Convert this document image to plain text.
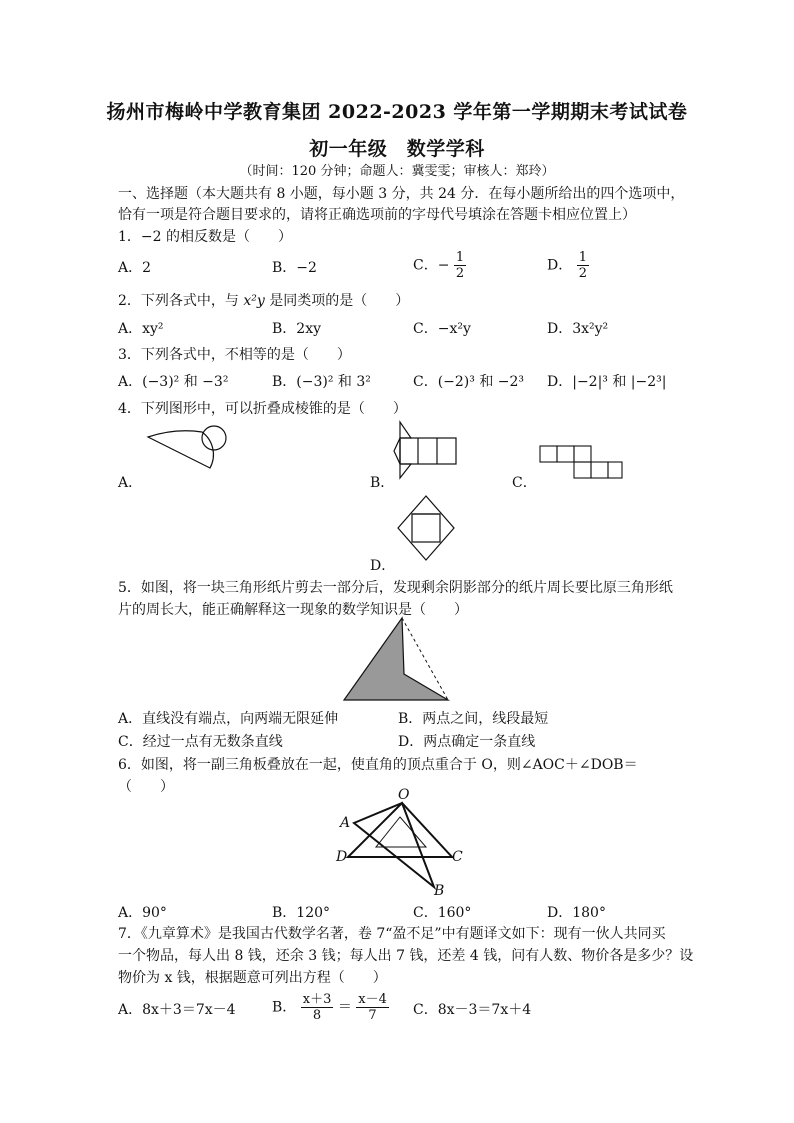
扬州市梅岭中学教育集团 2022-2023 学年第一学期期末考试试卷
初一年级　数学学科
（时间：120 分钟；命题人：冀雯雯；审核人：郑玲）
一、选择题（本大题共有 8 小题，每小题 3 分，共 24 分．在每小题所给出的四个选项中，
恰有一项是符合题目要求的，请将正确选项前的字母代号填涂在答题卡相应位置上）
1．−2 的相反数是（　　）
A．2	B．−2	C．− $\frac{1}{2}$	D． $\frac{1}{2}$
2．下列各式中，与 x²y 是同类项的是（　　）
A．xy²	B．2xy	C．−x²y	D．3x²y²
3．下列各式中，不相等的是（　　）
A．(−3)² 和 −3²	B．(−3)² 和 3²	C．(−2)³ 和 −2³ D．|−2|³ 和 |−2³|
4．下列图形中，可以折叠成棱锥的是（　　）
A．	B．	C．
D．
5．如图，将一块三角形纸片剪去一部分后，发现剩余阴影部分的纸片周长要比原三角形纸
片的周长大，能正确解释这一现象的数学知识是（　　）
A．直线没有端点，向两端无限延伸	B．两点之间，线段最短
C．经过一点有无数条直线	D．两点确定一条直线
6．如图，将一副三角板叠放在一起，使直角的顶点重合于 O，则∠AOC＋∠DOB＝
（　　）	O
A
D	C
B
A．90°	B．120°	C．160°	D．180°
7．《九章算术》是我国古代数学名著，卷 7“盈不足”中有题译文如下：现有一伙人共同买
一个物品，每人出 8 钱，还余 3 钱；每人出 7 钱，还差 4 钱，问有人数、物价各是多少？设
物价为 x 钱，根据题意可列出方程（　　）
A．8x＋3＝7x－4	B． $\frac{x+3}{8} = \frac{x-4}{7}$ C．8x－3＝7x＋4
